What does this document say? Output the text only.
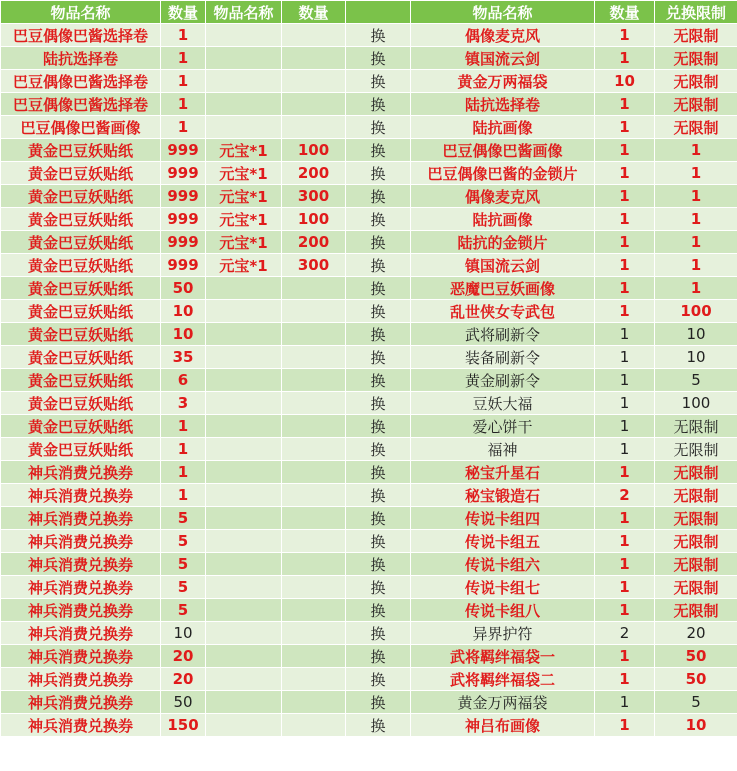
物品名称	数量	物品名称	数量		物品名称	数量	兑换限制
巴豆偶像巴酱选择卷	1			换	偶像麦克风	1	无限制
陆抗选择卷	1			换	镇国流云剑	1	无限制
巴豆偶像巴酱选择卷	1			换	黄金万两福袋	10	无限制
巴豆偶像巴酱选择卷	1			换	陆抗选择卷	1	无限制
巴豆偶像巴酱画像	1			换	陆抗画像	1	无限制
黄金巴豆妖贴纸	999	元宝*1	100	换	巴豆偶像巴酱画像	1	1
黄金巴豆妖贴纸	999	元宝*1	200	换	巴豆偶像巴酱的金锁片	1	1
黄金巴豆妖贴纸	999	元宝*1	300	换	偶像麦克风	1	1
黄金巴豆妖贴纸	999	元宝*1	100	换	陆抗画像	1	1
黄金巴豆妖贴纸	999	元宝*1	200	换	陆抗的金锁片	1	1
黄金巴豆妖贴纸	999	元宝*1	300	换	镇国流云剑	1	1
黄金巴豆妖贴纸	50			换	恶魔巴豆妖画像	1	1
黄金巴豆妖贴纸	10			换	乱世侠女专武包	1	100
黄金巴豆妖贴纸	10			换	武将刷新令	1	10
黄金巴豆妖贴纸	35			换	装备刷新令	1	10
黄金巴豆妖贴纸	6			换	黄金刷新令	1	5
黄金巴豆妖贴纸	3			换	豆妖大福	1	100
黄金巴豆妖贴纸	1			换	爱心饼干	1	无限制
黄金巴豆妖贴纸	1			换	福神	1	无限制
神兵消费兑换券	1			换	秘宝升星石	1	无限制
神兵消费兑换券	1			换	秘宝锻造石	2	无限制
神兵消费兑换券	5			换	传说卡组四	1	无限制
神兵消费兑换券	5			换	传说卡组五	1	无限制
神兵消费兑换券	5			换	传说卡组六	1	无限制
神兵消费兑换券	5			换	传说卡组七	1	无限制
神兵消费兑换券	5			换	传说卡组八	1	无限制
神兵消费兑换券	10			换	异界护符	2	20
神兵消费兑换券	20			换	武将羁绊福袋一	1	50
神兵消费兑换券	20			换	武将羁绊福袋二	1	50
神兵消费兑换券	50			换	黄金万两福袋	1	5
神兵消费兑换券	150			换	神吕布画像	1	10
